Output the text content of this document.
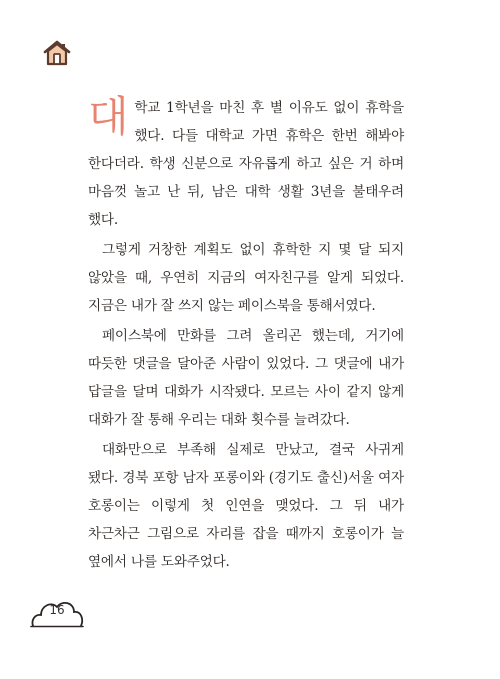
대학교 1학년을 마친 후 별 이유도 없이 휴학을 했다. 다들 대학교 가면 휴학은 한번 해봐야 한다더라. 학생 신분으로 자유롭게 하고 싶은 거 하며 마음껏 놀고 난 뒤, 남은 대학 생활 3년을 불태우려 했다.

그렇게 거창한 계획도 없이 휴학한 지 몇 달 되지 않았을 때, 우연히 지금의 여자친구를 알게 되었다. 지금은 내가 잘 쓰지 않는 페이스북을 통해서였다.

페이스북에 만화를 그려 올리곤 했는데, 거기에 따듯한 댓글을 달아준 사람이 있었다. 그 댓글에 내가 답글을 달며 대화가 시작됐다. 모르는 사이 같지 않게 대화가 잘 통해 우리는 대화 횟수를 늘려갔다.

대화만으로 부족해 실제로 만났고, 결국 사귀게 됐다. 경북 포항 남자 포롱이와 (경기도 출신)서울 여자 호롱이는 이렇게 첫 인연을 맺었다. 그 뒤 내가 차근차근 그림으로 자리를 잡을 때까지 호롱이가 늘 옆에서 나를 도와주었다.

16
